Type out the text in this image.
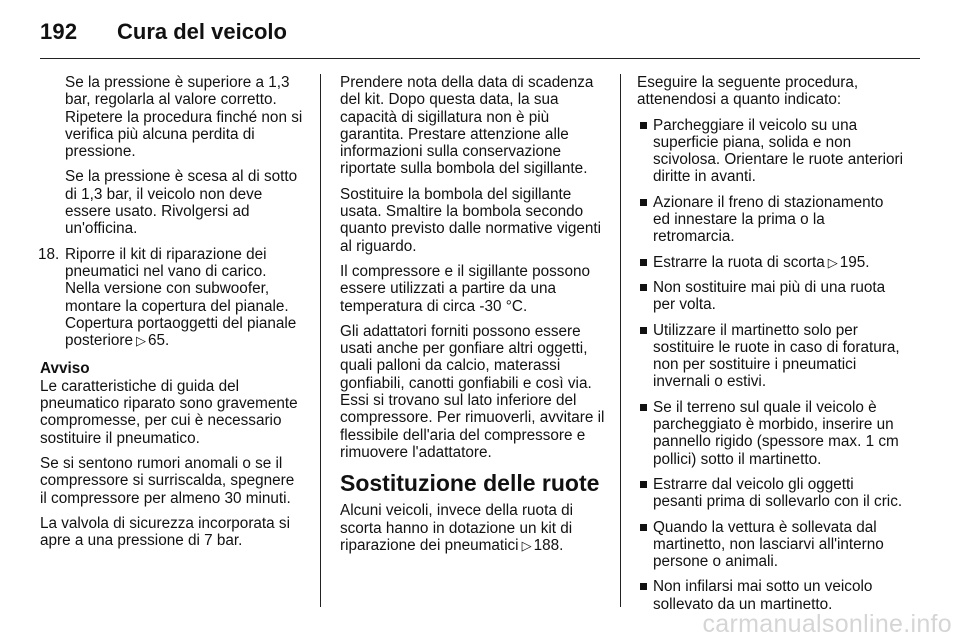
192 Cura del veicolo

Se la pressione è superiore a 1,3 bar, regolarla al valore corretto. Ripetere la procedura finché non si verifica più alcuna perdita di pressione.

Se la pressione è scesa al di sotto di 1,3 bar, il veicolo non deve essere usato. Rivolgersi ad un'officina.

18. Riporre il kit di riparazione dei pneumatici nel vano di carico. Nella versione con subwoofer, montare la copertura del pianale. Copertura portaoggetti del pianale posteriore ▷ 65.

Avviso

Le caratteristiche di guida del pneumatico riparato sono gravemente compromesse, per cui è necessario sostituire il pneumatico.

Se si sentono rumori anomali o se il compressore si surriscalda, spegnere il compressore per almeno 30 minuti.

La valvola di sicurezza incorporata si apre a una pressione di 7 bar.

Prendere nota della data di scadenza del kit. Dopo questa data, la sua capacità di sigillatura non è più garantita. Prestare attenzione alle informazioni sulla conservazione riportate sulla bombola del sigillante.

Sostituire la bombola del sigillante usata. Smaltire la bombola secondo quanto previsto dalle normative vigenti al riguardo.

Il compressore e il sigillante possono essere utilizzati a partire da una temperatura di circa -30 °C.

Gli adattatori forniti possono essere usati anche per gonfiare altri oggetti, quali palloni da calcio, materassi gonfiabili, canotti gonfiabili e così via. Essi si trovano sul lato inferiore del compressore. Per rimuoverli, avvitare il flessibile dell'aria del compressore e rimuovere l'adattatore.

Sostituzione delle ruote

Alcuni veicoli, invece della ruota di scorta hanno in dotazione un kit di riparazione dei pneumatici ▷ 188.

Eseguire la seguente procedura, attenendosi a quanto indicato:

Parcheggiare il veicolo su una superficie piana, solida e non scivolosa. Orientare le ruote anteriori diritte in avanti.
Azionare il freno di stazionamento ed innestare la prima o la retromarcia.
Estrarre la ruota di scorta ▷ 195.
Non sostituire mai più di una ruota per volta.
Utilizzare il martinetto solo per sostituire le ruote in caso di foratura, non per sostituire i pneumatici invernali o estivi.
Se il terreno sul quale il veicolo è parcheggiato è morbido, inserire un pannello rigido (spessore max. 1 cm pollici) sotto il martinetto.
Estrarre dal veicolo gli oggetti pesanti prima di sollevarlo con il cric.
Quando la vettura è sollevata dal martinetto, non lasciarvi all'interno persone o animali.
Non infilarsi mai sotto un veicolo sollevato da un martinetto.
carmanualsonline.info
